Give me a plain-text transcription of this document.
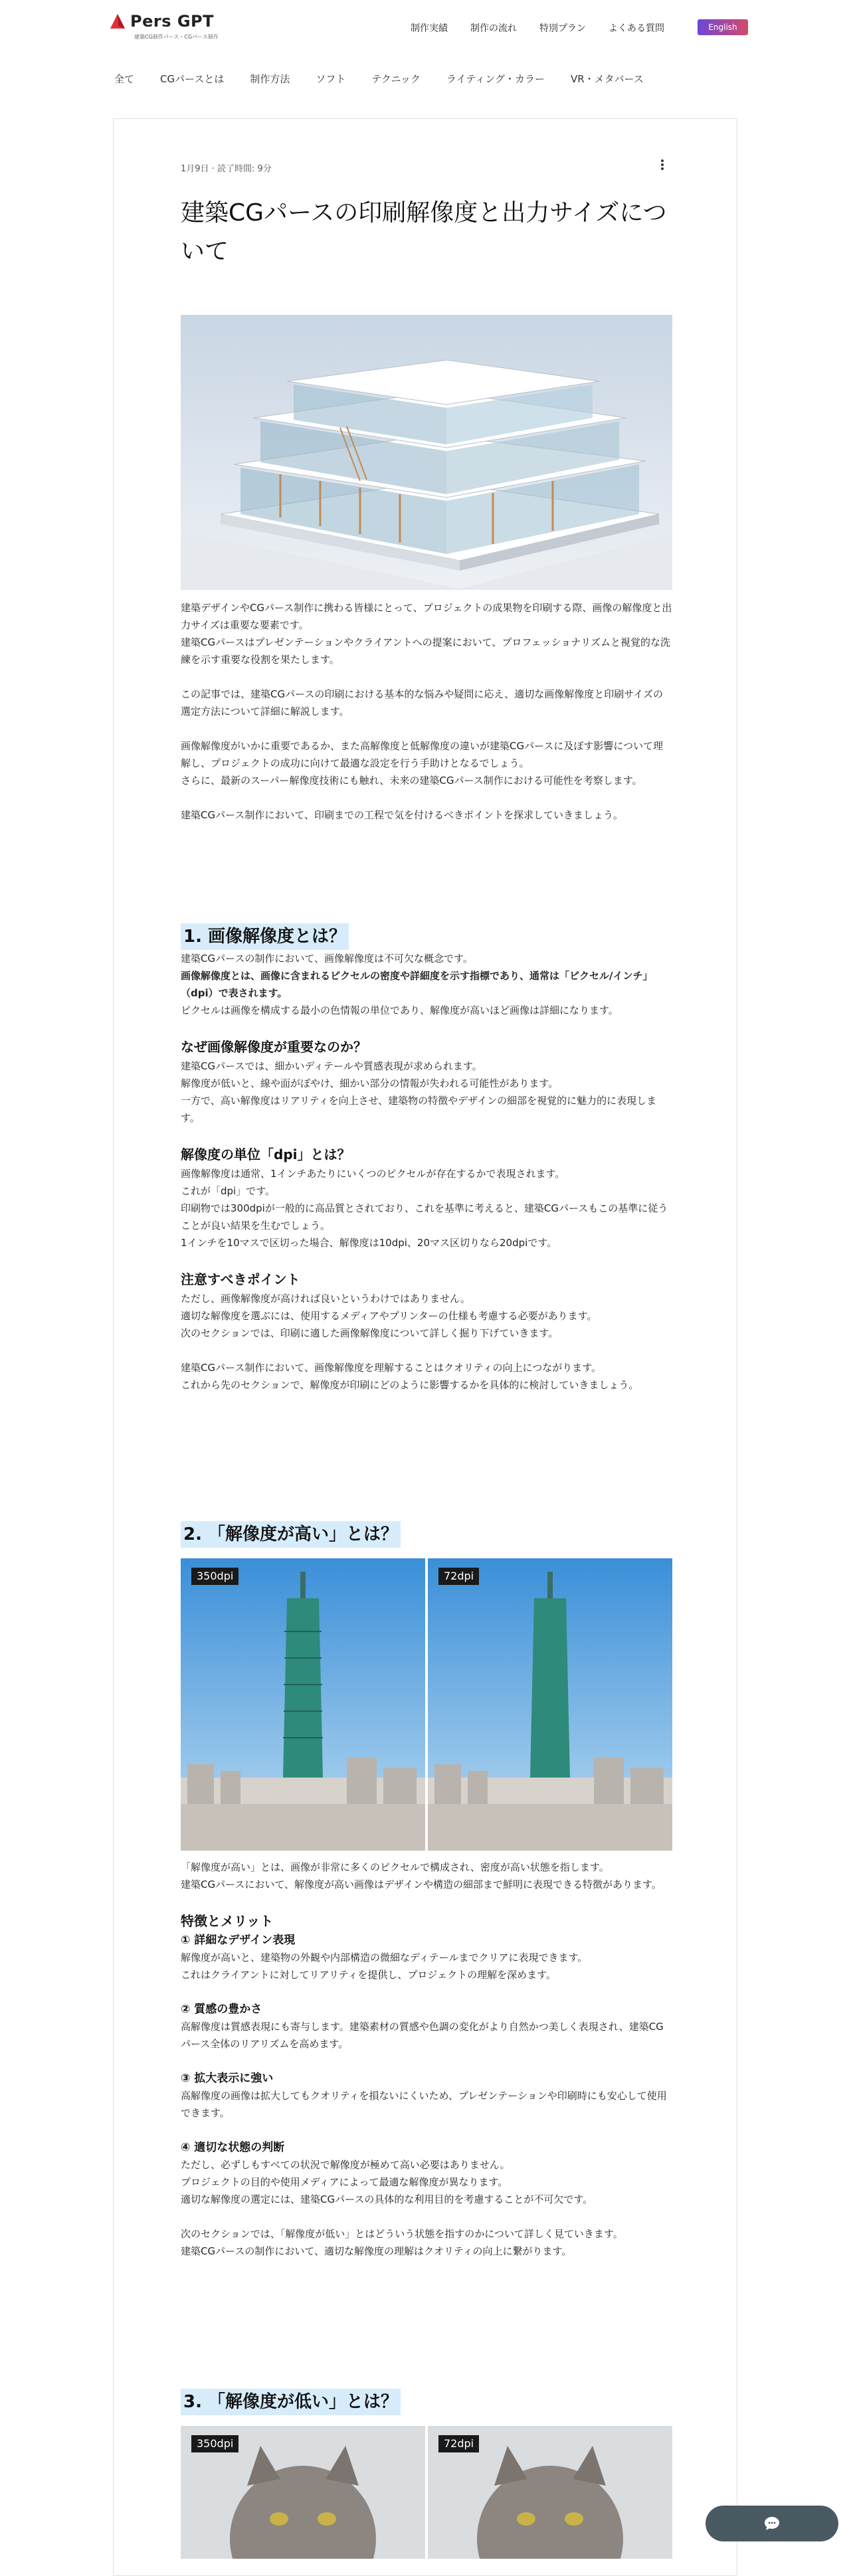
Pers GPT
建築CG制作パース・CGパース制作
制作実績 制作の流れ 特別プラン よくある質問	English
全て	CGパースとは	制作方法	ソフト	テクニック	ライティング・カラー	VR・メタバース
1月9日 · 読了時間: 9分
建築CGパースの印刷解像度と出力サイズについて

建築デザインやCGパース制作に携わる皆様にとって、プロジェクトの成果物を印刷する際、画像の解像度と出力サイズは重要な要素です。

建築CGパースはプレゼンテーションやクライアントへの提案において、プロフェッショナリズムと視覚的な洗練を示す重要な役割を果たします。

この記事では、建築CGパースの印刷における基本的な悩みや疑問に応え、適切な画像解像度と印刷サイズの選定方法について詳細に解説します。

画像解像度がいかに重要であるか、また高解像度と低解像度の違いが建築CGパースに及ぼす影響について理解し、プロジェクトの成功に向けて最適な設定を行う手助けとなるでしょう。

さらに、最新のスーパー解像度技術にも触れ、未来の建築CGパース制作における可能性を考察します。

建築CGパース制作において、印刷までの工程で気を付けるべきポイントを探求していきましょう。

1. 画像解像度とは？

建築CGパースの制作において、画像解像度は不可欠な概念です。

画像解像度とは、画像に含まれるピクセルの密度や詳細度を示す指標であり、通常は「ピクセル/インチ」（dpi）で表されます。

ピクセルは画像を構成する最小の色情報の単位であり、解像度が高いほど画像は詳細になります。

なぜ画像解像度が重要なのか？

建築CGパースでは、細かいディテールや質感表現が求められます。

解像度が低いと、線や面がぼやけ、細かい部分の情報が失われる可能性があります。

一方で、高い解像度はリアリティを向上させ、建築物の特徴やデザインの細部を視覚的に魅力的に表現します。

解像度の単位「dpi」とは？

画像解像度は通常、1インチあたりにいくつのピクセルが存在するかで表現されます。

これが「dpi」です。

印刷物では300dpiが一般的に高品質とされており、これを基準に考えると、建築CGパースもこの基準に従うことが良い結果を生むでしょう。

1インチを10マスで区切った場合、解像度は10dpi、20マス区切りなら20dpiです。

注意すべきポイント

ただし、画像解像度が高ければ良いというわけではありません。

適切な解像度を選ぶには、使用するメディアやプリンターの仕様も考慮する必要があります。

次のセクションでは、印刷に適した画像解像度について詳しく掘り下げていきます。

建築CGパース制作において、画像解像度を理解することはクオリティの向上につながります。

これから先のセクションで、解像度が印刷にどのように影響するかを具体的に検討していきましょう。

2. 「解像度が高い」とは？
350dpi	72dpi

「解像度が高い」とは、画像が非常に多くのピクセルで構成され、密度が高い状態を指します。

建築CGパースにおいて、解像度が高い画像はデザインや構造の細部まで鮮明に表現できる特徴があります。

特徴とメリット
① 詳細なデザイン表現

解像度が高いと、建築物の外観や内部構造の微細なディテールまでクリアに表現できます。

これはクライアントに対してリアリティを提供し、プロジェクトの理解を深めます。

② 質感の豊かさ

高解像度は質感表現にも寄与します。建築素材の質感や色調の変化がより自然かつ美しく表現され、建築CGパース全体のリアリズムを高めます。

③ 拡大表示に強い

高解像度の画像は拡大してもクオリティを損ないにくいため、プレゼンテーションや印刷時にも安心して使用できます。

④ 適切な状態の判断

ただし、必ずしもすべての状況で解像度が極めて高い必要はありません。

プロジェクトの目的や使用メディアによって最適な解像度が異なります。

適切な解像度の選定には、建築CGパースの具体的な利用目的を考慮することが不可欠です。

次のセクションでは、「解像度が低い」とはどういう状態を指すのかについて詳しく見ていきます。

建築CGパースの制作において、適切な解像度の理解はクオリティの向上に繋がります。

3. 「解像度が低い」とは？
350dpi	72dpi
